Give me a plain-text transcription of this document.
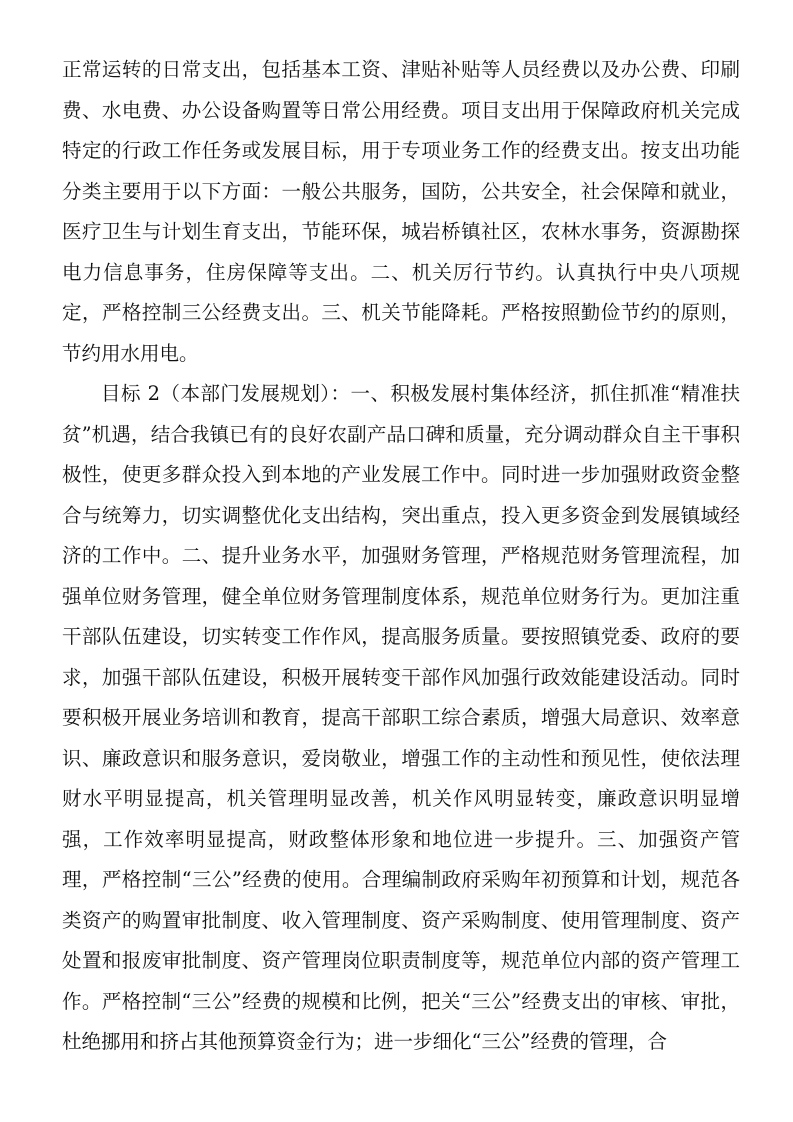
正常运转的日常支出，包括基本工资、津贴补贴等人员经费以及办公费、印刷费、水电费、办公设备购置等日常公用经费。项目支出用于保障政府机关完成特定的行政工作任务或发展目标，用于专项业务工作的经费支出。按支出功能分类主要用于以下方面：一般公共服务，国防，公共安全，社会保障和就业，医疗卫生与计划生育支出，节能环保，城岩桥镇社区，农林水事务，资源勘探电力信息事务，住房保障等支出。二、机关厉行节约。认真执行中央八项规定，严格控制三公经费支出。三、机关节能降耗。严格按照勤俭节约的原则，节约用水用电。

目标 2（本部门发展规划）：一、积极发展村集体经济，抓住抓准“精准扶贫”机遇，结合我镇已有的良好农副产品口碑和质量，充分调动群众自主干事积极性，使更多群众投入到本地的产业发展工作中。同时进一步加强财政资金整合与统筹力，切实调整优化支出结构，突出重点，投入更多资金到发展镇域经济的工作中。二、提升业务水平，加强财务管理，严格规范财务管理流程，加强单位财务管理，健全单位财务管理制度体系，规范单位财务行为。更加注重干部队伍建设，切实转变工作作风，提高服务质量。要按照镇党委、政府的要求，加强干部队伍建设，积极开展转变干部作风加强行政效能建设活动。同时要积极开展业务培训和教育，提高干部职工综合素质，增强大局意识、效率意识、廉政意识和服务意识，爱岗敬业，增强工作的主动性和预见性，使依法理财水平明显提高，机关管理明显改善，机关作风明显转变，廉政意识明显增强，工作效率明显提高，财政整体形象和地位进一步提升。三、加强资产管理，严格控制“三公”经费的使用。合理编制政府采购年初预算和计划，规范各类资产的购置审批制度、收入管理制度、资产采购制度、使用管理制度、资产处置和报废审批制度、资产管理岗位职责制度等，规范单位内部的资产管理工作。严格控制“三公”经费的规模和比例，把关“三公”经费支出的审核、审批，杜绝挪用和挤占其他预算资金行为；进一步细化“三公”经费的管理，合
